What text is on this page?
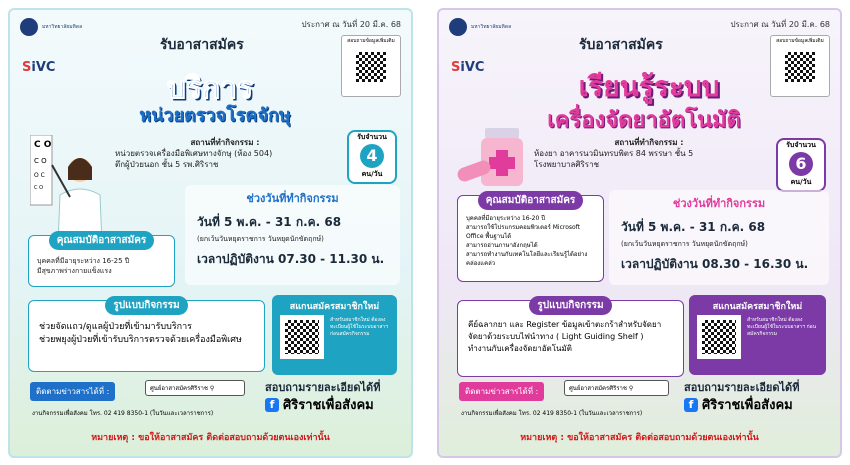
มหาวิทยาลัยมหิดล
SiVC
รับอาสาสมัคร
ประกาศ ณ วันที่ 20 มี.ค. 68
สอบถามข้อมูลเพิ่มเติม
บริการ
หน่วยตรวจโรคจักษุ
C O
C O
O C
C O
สถานที่ทำกิจกรรม :
หน่วยตรวจเครื่องมือพิเศษทางจักษุ (ห้อง 504)
ตึกผู้ป่วยนอก ชั้น 5 รพ.ศิริราช
รับจำนวน
4
คน/วัน
ช่วงวันที่ทำกิจกรรม
วันที่ 5 พ.ค. - 31 ก.ค. 68
(ยกเว้นวันหยุดราชการ วันหยุดนักขัตฤกษ์)
เวลาปฏิบัติงาน 07.30 - 11.30 น.
คุณสมบัติอาสาสมัคร
บุคคลที่มีอายุระหว่าง 16-25 ปี
มีสุขภาพร่างกายแข็งแรง
รูปแบบกิจกรรม
ช่วยจัดแถว/ดูแลผู้ป่วยที่เข้ามารับบริการ
ช่วยพยุงผู้ป่วยที่เข้ารับบริการตรวจด้วยเครื่องมือพิเศษ
สแกนสมัครสมาชิกใหม่
สำหรับสมาชิกใหม่ ต้องลงทะเบียนผู้ใช้ในระบบอาสาฯ ก่อนสมัครกิจกรรม
ติดตามข่าวสารได้ที่ :	ศูนย์อาสาสมัครศิริราช ⚲	สอบถามรายละเอียดได้ที่
f ศิริราชเพื่อสังคม
งานกิจกรรมเพื่อสังคม โทร. 02 419 8350-1 (ในวันและเวลาราชการ)
หมายเหตุ : ขอให้อาสาสมัคร ติดต่อสอบถามด้วยตนเองเท่านั้น
มหาวิทยาลัยมหิดล
SiVC
รับอาสาสมัคร
ประกาศ ณ วันที่ 20 มี.ค. 68
สอบถามข้อมูลเพิ่มเติม
เรียนรู้ระบบ
เครื่องจัดยาอัตโนมัติ
สถานที่ทำกิจกรรม :
ห้องยา อาคารนวมินทรบพิตร 84 พรรษา ชั้น 5
โรงพยาบาลศิริราช
รับจำนวน
6
คน/วัน
คุณสมบัติอาสาสมัคร
บุคคลที่มีอายุระหว่าง 16-20 ปี
สามารถใช้โปรแกรมคอมพิวเตอร์ Microsoft Office พื้นฐานได้
สามารถอ่านภาษาอังกฤษได้
สามารถทำงานกับเทคโนโลยีและเรียนรู้ได้อย่างคล่องแคล่ว
ช่วงวันที่ทำกิจกรรม
วันที่ 5 พ.ค. - 31 ก.ค. 68
(ยกเว้นวันหยุดราชการ วันหยุดนักขัตฤกษ์)
เวลาปฏิบัติงาน 08.30 - 16.30 น.
รูปแบบกิจกรรม
คีย์ฉลากยา และ Register ข้อมูลเข้าตะกร้าสำหรับจัดยา
จัดยาด้วยระบบไฟนำทาง ( Light Guiding Shelf )
ทำงานกับเครื่องจัดยาอัตโนมัติ
สแกนสมัครสมาชิกใหม่
สำหรับสมาชิกใหม่ ต้องลงทะเบียนผู้ใช้ในระบบอาสาฯ ก่อนสมัครกิจกรรม
ติดตามข่าวสารได้ที่ :	ศูนย์อาสาสมัครศิริราช ⚲	สอบถามรายละเอียดได้ที่
f ศิริราชเพื่อสังคม
งานกิจกรรมเพื่อสังคม โทร. 02 419 8350-1 (ในวันและเวลาราชการ)
หมายเหตุ : ขอให้อาสาสมัคร ติดต่อสอบถามด้วยตนเองเท่านั้น
